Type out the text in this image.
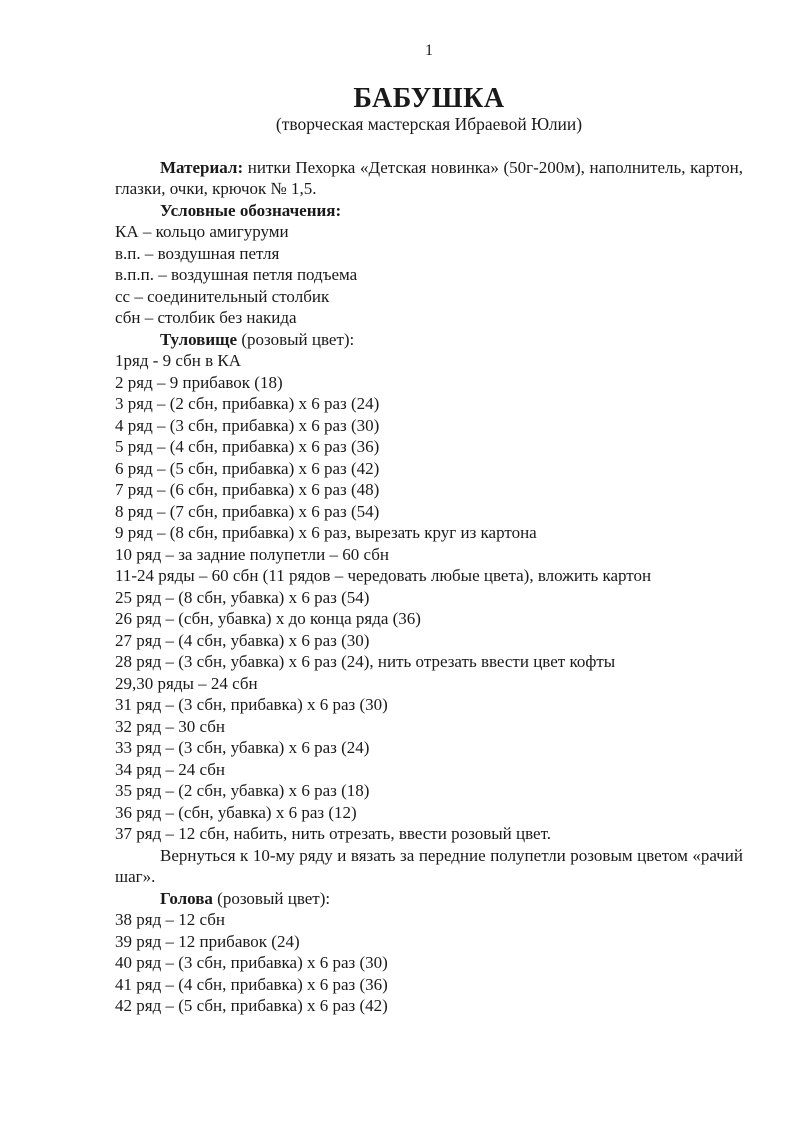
1
БАБУШКА
(творческая мастерская Ибраевой Юлии)

Материал: нитки Пехорка «Детская новинка» (50г-200м), наполнитель, картон, глазки, очки, крючок № 1,5.

Условные обозначения:
КА – кольцо амигуруми
в.п. – воздушная петля
в.п.п. – воздушная петля подъема
сс – соединительный столбик
сбн – столбик без накида
Туловище (розовый цвет):
1ряд - 9 сбн в КА
2 ряд – 9 прибавок (18)
3 ряд – (2 сбн, прибавка) х 6 раз (24)
4 ряд – (3 сбн, прибавка) х 6 раз (30)
5 ряд – (4 сбн, прибавка) х 6 раз (36)
6 ряд – (5 сбн, прибавка) х 6 раз (42)
7 ряд – (6 сбн, прибавка) х 6 раз (48)
8 ряд – (7 сбн, прибавка) х 6 раз (54)
9 ряд – (8 сбн, прибавка) х 6 раз, вырезать круг из картона
10 ряд – за задние полупетли – 60 сбн
11-24 ряды – 60 сбн (11 рядов – чередовать любые цвета), вложить картон
25 ряд – (8 сбн, убавка) х 6 раз (54)
26 ряд – (сбн, убавка) х до конца ряда (36)
27 ряд – (4 сбн, убавка) х 6 раз (30)
28 ряд – (3 сбн, убавка) х 6 раз (24), нить отрезать ввести цвет кофты
29,30 ряды – 24 сбн
31 ряд – (3 сбн, прибавка) х 6 раз (30)
32 ряд – 30 сбн
33 ряд – (3 сбн, убавка) х 6 раз (24)
34 ряд – 24 сбн
35 ряд – (2 сбн, убавка) х 6 раз (18)
36 ряд – (сбн, убавка) х 6 раз (12)
37 ряд – 12 сбн, набить, нить отрезать, ввести розовый цвет.

Вернуться к 10-му ряду и вязать за передние полупетли розовым цветом «рачий шаг».

Голова (розовый цвет):
38 ряд – 12 сбн
39 ряд – 12 прибавок (24)
40 ряд – (3 сбн, прибавка) х 6 раз (30)
41 ряд – (4 сбн, прибавка) х 6 раз (36)
42 ряд – (5 сбн, прибавка) х 6 раз (42)
